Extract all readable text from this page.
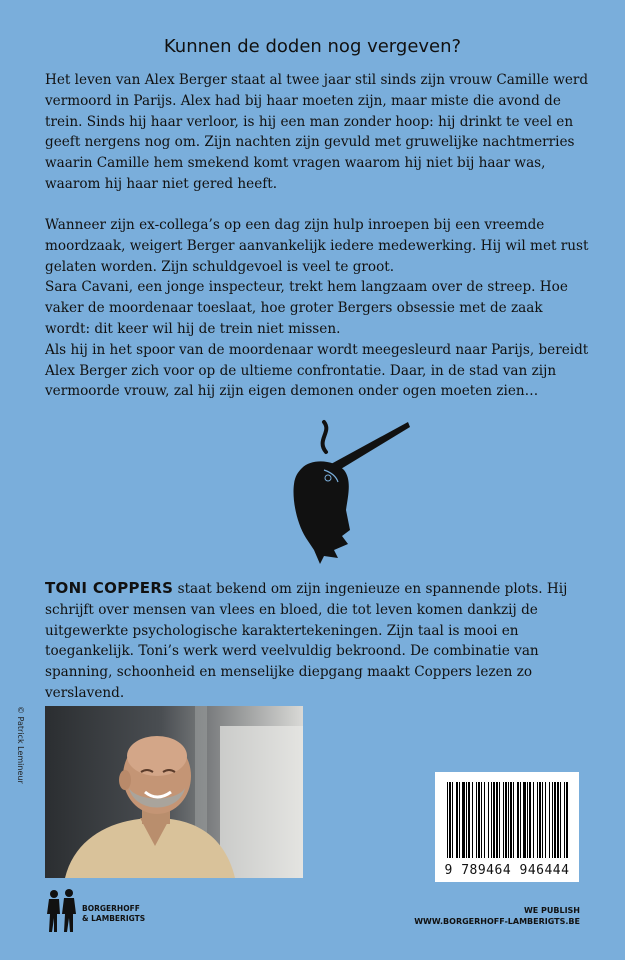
Kunnen de doden nog vergeven?

Het leven van Alex Berger staat al twee jaar stil sinds zijn vrouw Camille werd vermoord in Parijs. Alex had bij haar moeten zijn, maar miste die avond de trein. Sinds hij haar verloor, is hij een man zonder hoop: hij drinkt te veel en geeft nergens nog om. Zijn nachten zijn gevuld met gruwelijke nachtmerries waarin Camille hem smekend komt vragen waarom hij niet bij haar was, waarom hij haar niet gered heeft.

Wanneer zijn ex-collega’s op een dag zijn hulp inroepen bij een vreemde moordzaak, weigert Berger aanvankelijk iedere medewerking. Hij wil met rust gelaten worden. Zijn schuldgevoel is veel te groot.

Sara Cavani, een jonge inspecteur, trekt hem langzaam over de streep. Hoe vaker de moordenaar toeslaat, hoe groter Bergers obsessie met de zaak wordt: dit keer wil hij de trein niet missen.

Als hij in het spoor van de moordenaar wordt meegesleurd naar Parijs, bereidt Alex Berger zich voor op de ultieme confrontatie. Daar, in de stad van zijn vermoorde vrouw, zal hij zijn eigen demonen onder ogen moeten zien…

TONI COPPERS staat bekend om zijn ingenieuze en spannende plots. Hij schrijft over mensen van vlees en bloed, die tot leven komen dankzij de uitgewerkte psychologische karaktertekeningen. Zijn taal is mooi en toegankelijk. Toni’s werk werd veelvuldig bekroond. De combinatie van spanning, schoonheid en menselijke diepgang maakt Coppers lezen zo verslavend.
© Patrick Lemineur
9 789464 946444
BORGERHOFF
& LAMBERIGTS
WE PUBLISH
WWW.BORGERHOFF-LAMBERIGTS.BE
